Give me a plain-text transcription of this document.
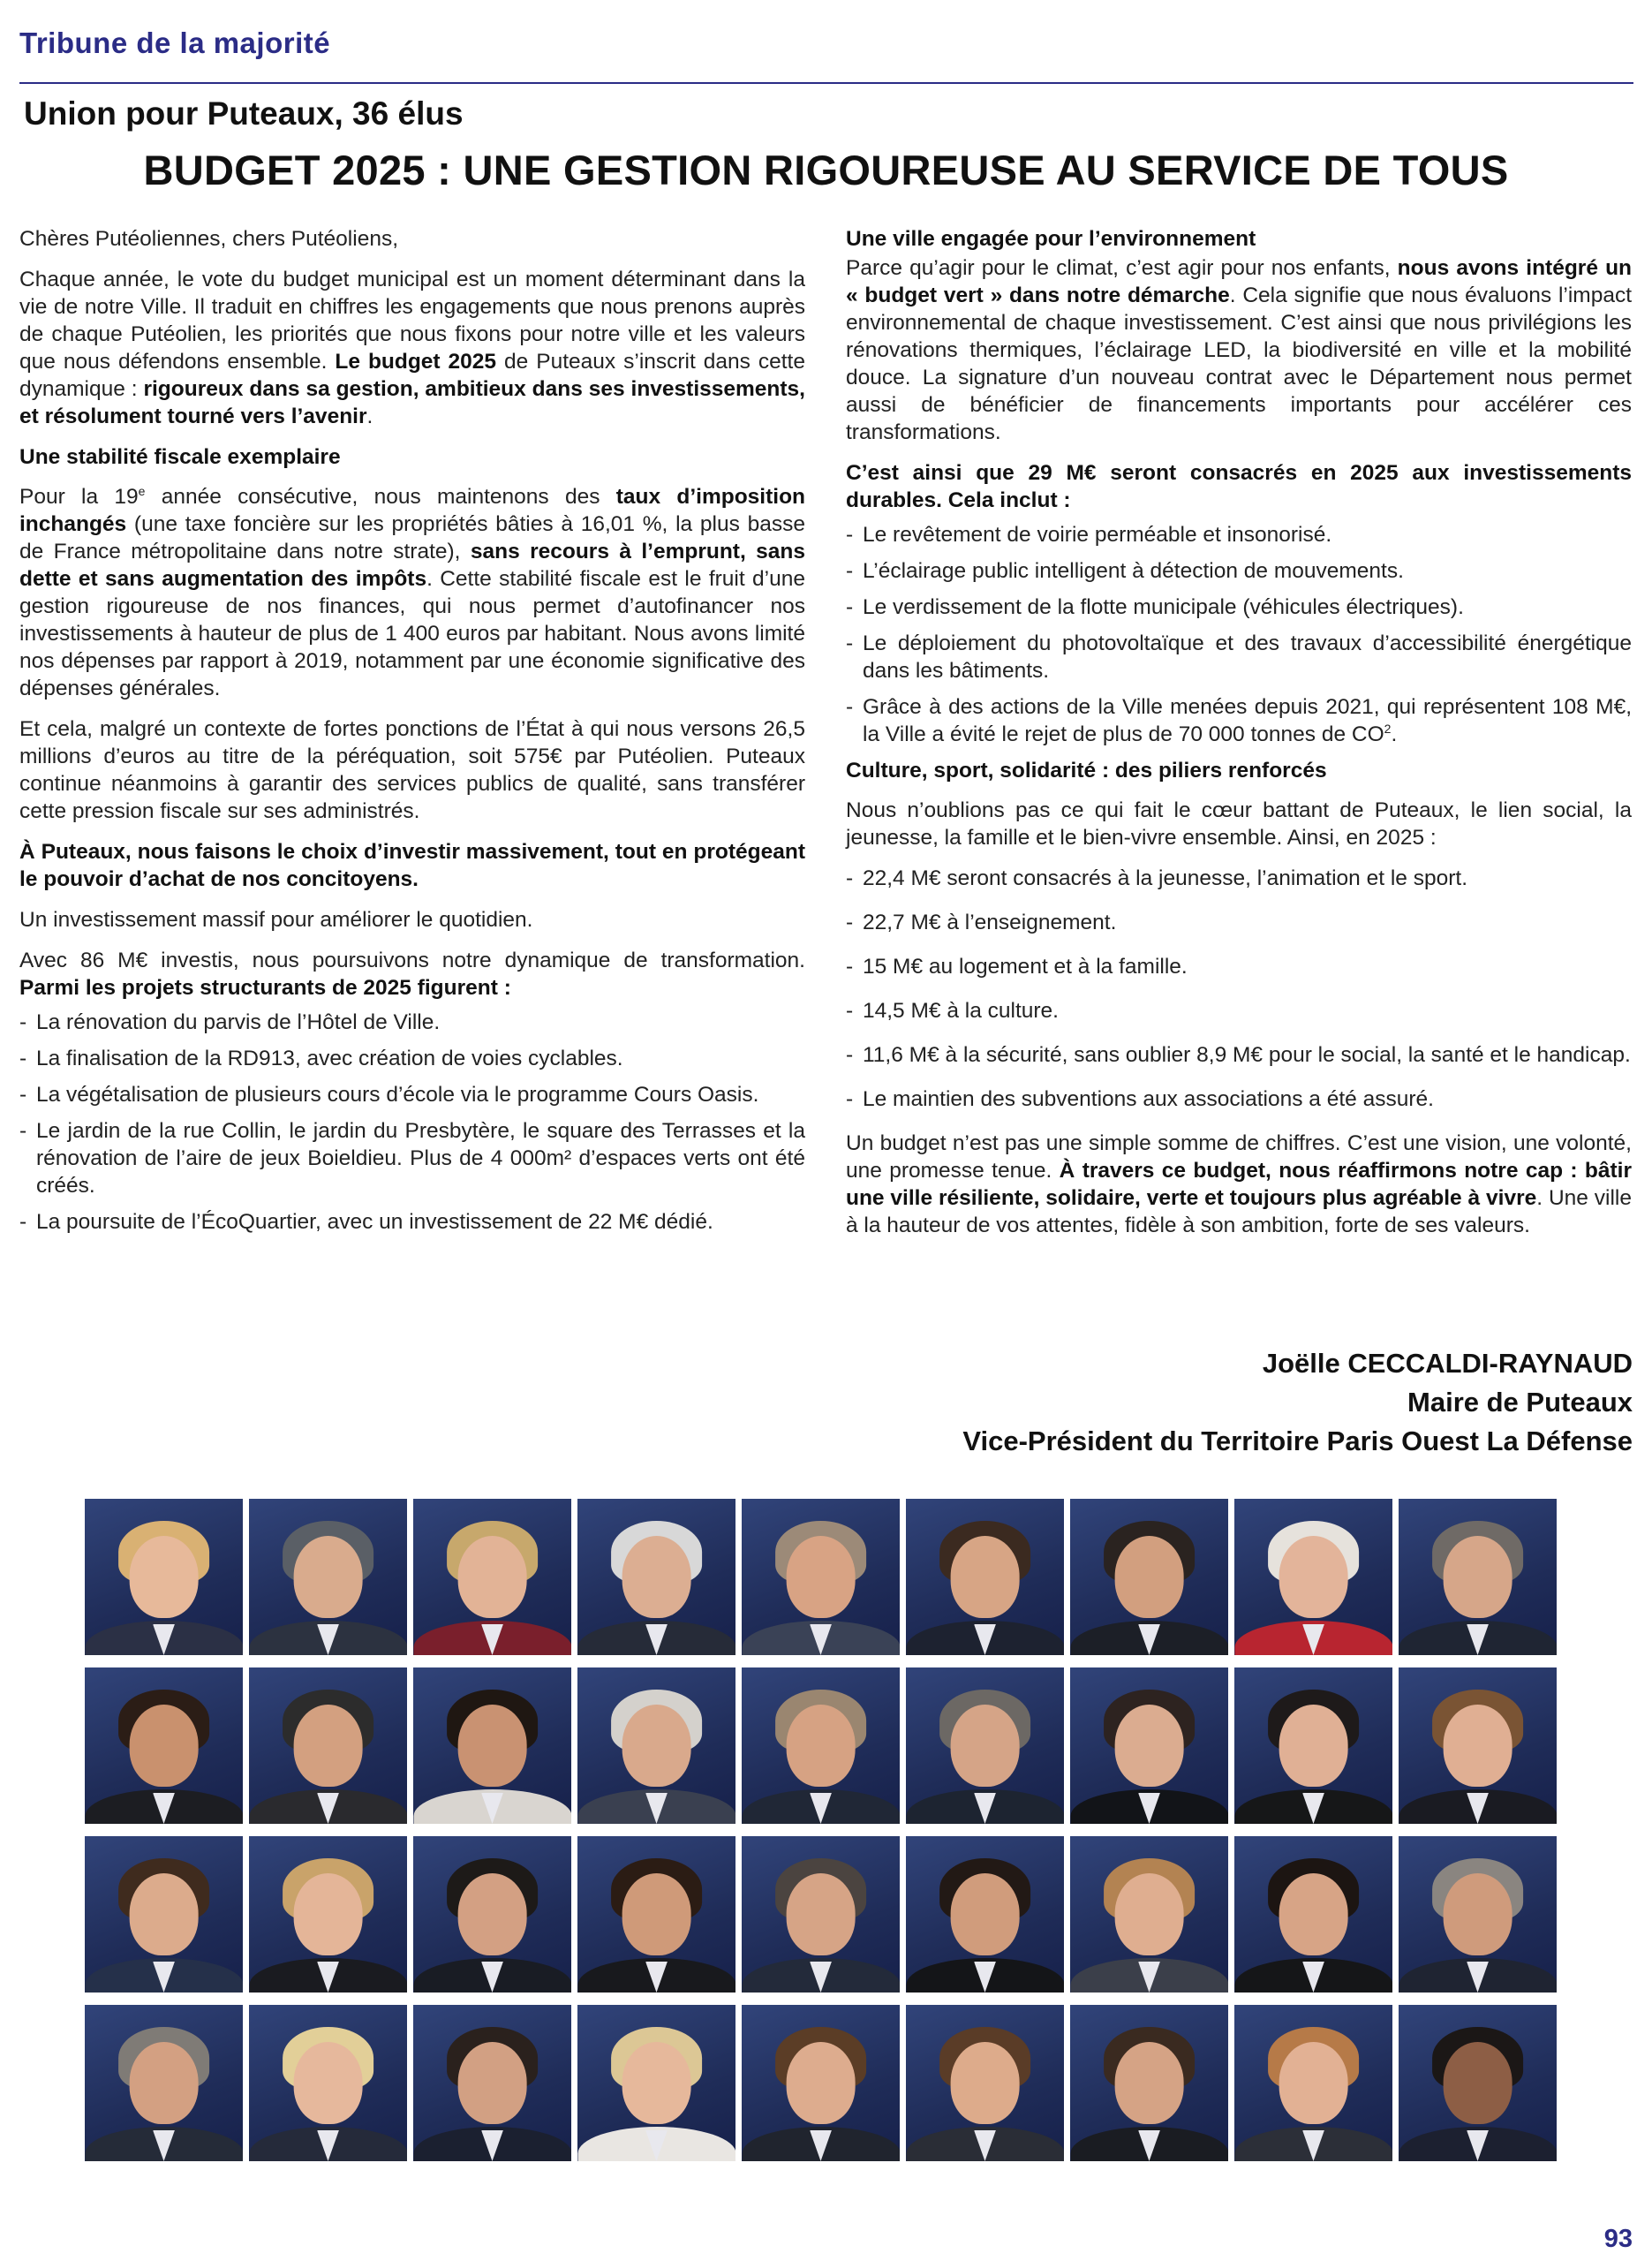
Tribune de la majorité
Union pour Puteaux, 36 élus
BUDGET 2025 : UNE GESTION RIGOUREUSE AU SERVICE DE TOUS

Chères Putéoliennes, chers Putéoliens,

Chaque année, le vote du budget municipal est un moment déterminant dans la vie de notre Ville. Il traduit en chiffres les engagements que nous prenons auprès de chaque Putéolien, les priorités que nous fixons pour notre ville et les valeurs que nous défendons ensemble. Le budget 2025 de Puteaux s’inscrit dans cette dynamique : rigoureux dans sa gestion, ambitieux dans ses investissements, et résolument tourné vers l’avenir.

Une stabilité fiscale exemplaire

Pour la 19e année consécutive, nous maintenons des taux d’imposition inchangés (une taxe foncière sur les propriétés bâties à 16,01 %, la plus basse de France métropolitaine dans notre strate), sans recours à l’emprunt, sans dette et sans augmentation des impôts. Cette stabilité fiscale est le fruit d’une gestion rigoureuse de nos finances, qui nous permet d’autofinancer nos investissements à hauteur de plus de 1 400 euros par habitant. Nous avons limité nos dépenses par rapport à 2019, notamment par une économie significative des dépenses générales.

Et cela, malgré un contexte de fortes ponctions de l’État à qui nous versons 26,5 millions d’euros au titre de la péréquation, soit 575€ par Putéolien. Puteaux continue néanmoins à garantir des services publics de qualité, sans transférer cette pression fiscale sur ses administrés.

À Puteaux, nous faisons le choix d’investir massivement, tout en protégeant le pouvoir d’achat de nos concitoyens.

Un investissement massif pour améliorer le quotidien.

Avec 86 M€ investis, nous poursuivons notre dynamique de transformation. Parmi les projets structurants de 2025 figurent :

- La rénovation du parvis de l’Hôtel de Ville.
- La finalisation de la RD913, avec création de voies cyclables.
- La végétalisation de plusieurs cours d’école via le programme Cours Oasis.
- Le jardin de la rue Collin, le jardin du Presbytère, le square des Terrasses et la rénovation de l’aire de jeux Boieldieu. Plus de 4 000m² d’espaces verts ont été créés.
- La poursuite de l’ÉcoQuartier, avec un investissement de 22 M€ dédié.

Une ville engagée pour l’environnement

Parce qu’agir pour le climat, c’est agir pour nos enfants, nous avons intégré un « budget vert » dans notre démarche. Cela signifie que nous évaluons l’impact environnemental de chaque investissement. C’est ainsi que nous privilégions les rénovations thermiques, l’éclairage LED, la biodiversité en ville et la mobilité douce. La signature d’un nouveau contrat avec le Département nous permet aussi de bénéficier de financements importants pour accélérer ces transformations.

C’est ainsi que 29 M€ seront consacrés en 2025 aux investissements durables. Cela inclut :

- Le revêtement de voirie perméable et insonorisé.
- L’éclairage public intelligent à détection de mouvements.
- Le verdissement de la flotte municipale (véhicules électriques).
- Le déploiement du photovoltaïque et des travaux d’accessibilité énergétique dans les bâtiments.
- Grâce à des actions de la Ville menées depuis 2021, qui représentent 108 M€, la Ville a évité le rejet de plus de 70 000 tonnes de $CO^2$.

Culture, sport, solidarité : des piliers renforcés

Nous n’oublions pas ce qui fait le cœur battant de Puteaux, le lien social, la jeunesse, la famille et le bien-vivre ensemble. Ainsi, en 2025 :

- 22,4 M€ seront consacrés à la jeunesse, l’animation et le sport.
- 22,7 M€ à l’enseignement.
- 15 M€ au logement et à la famille.
- 14,5 M€ à la culture.
- 11,6 M€ à la sécurité, sans oublier 8,9 M€ pour le social, la santé et le handicap.
- Le maintien des subventions aux associations a été assuré.

Un budget n’est pas une simple somme de chiffres. C’est une vision, une volonté, une promesse tenue. À travers ce budget, nous réaffirmons notre cap : bâtir une ville résiliente, solidaire, verte et toujours plus agréable à vivre. Une ville à la hauteur de vos attentes, fidèle à son ambition, forte de ses valeurs.

Joëlle CECCALDI-RAYNAUD
Maire de Puteaux
Vice-Président du Territoire Paris Ouest La Défense
93
